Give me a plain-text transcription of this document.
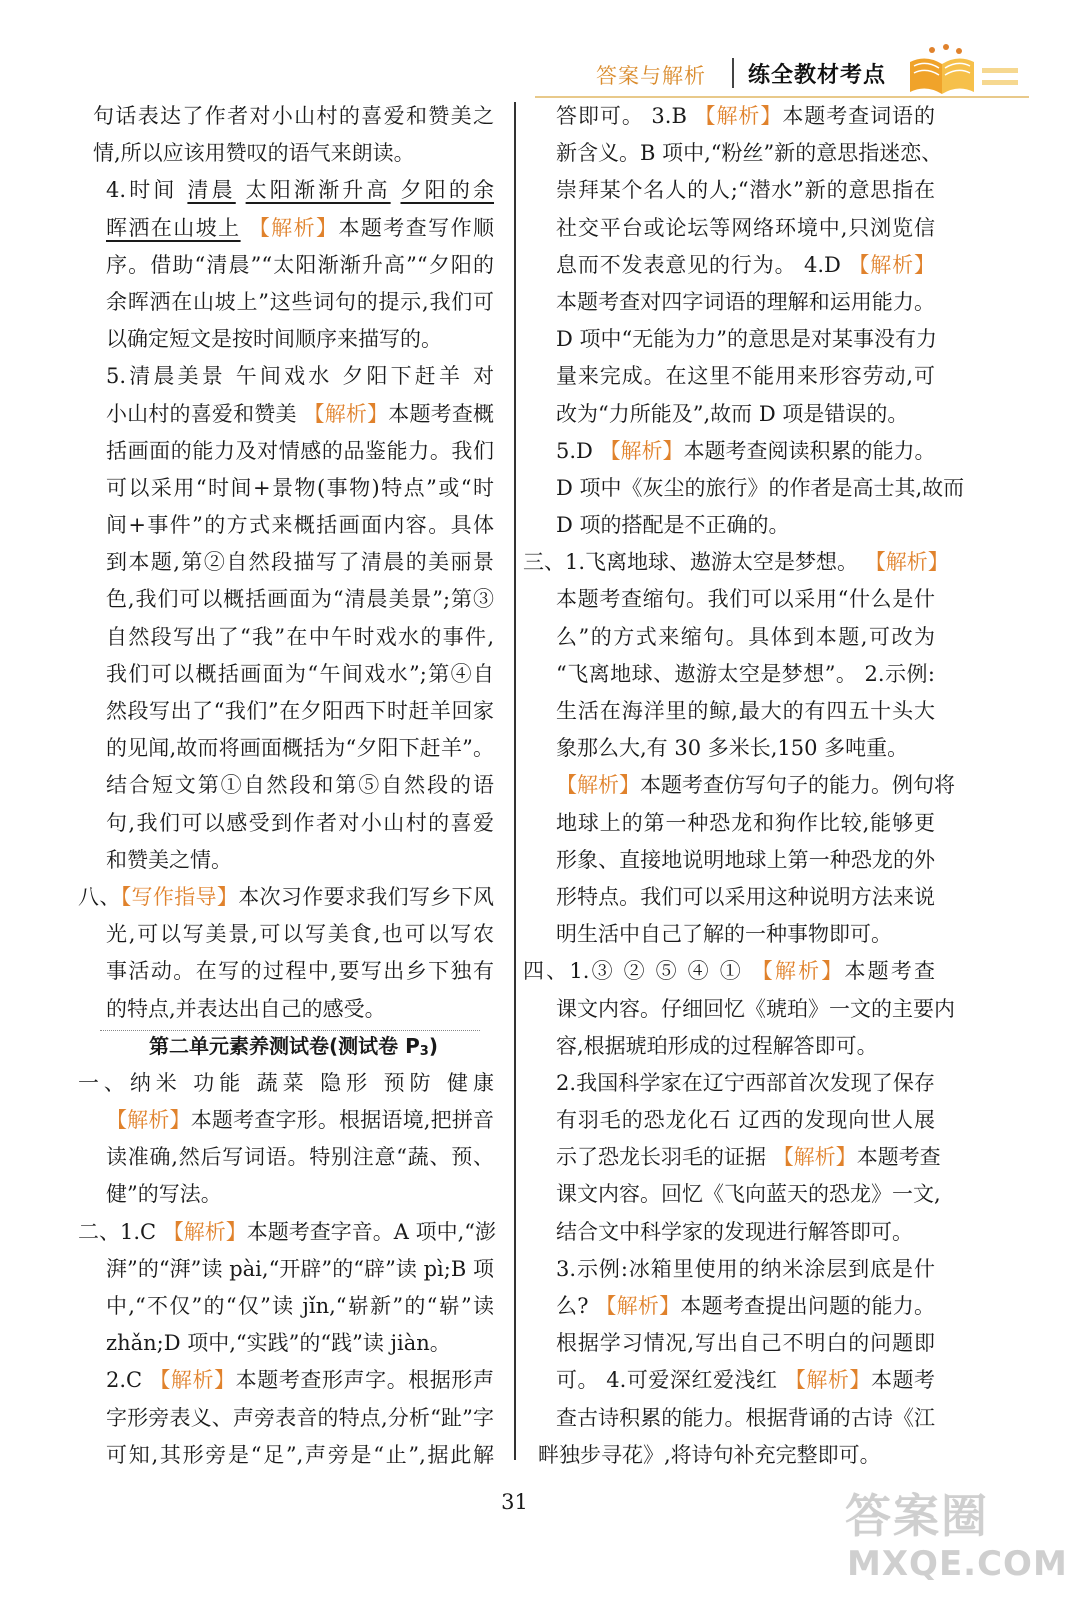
答案与解析 练全教材考点
句话表达了作者对小山村的喜爱和赞美之
情,所以应该用赞叹的语气来朗读。
4.时间 清晨 太阳渐渐升高 夕阳的余
晖洒在山坡上 【解析】本题考查写作顺
序。借助“清晨”“太阳渐渐升高”“夕阳的
余晖洒在山坡上”这些词句的提示,我们可
以确定短文是按时间顺序来描写的。
5.清晨美景 午间戏水 夕阳下赶羊 对
小山村的喜爱和赞美 【解析】本题考查概
括画面的能力及对情感的品鉴能力。我们
可以采用“时间+景物(事物)特点”或“时
间+事件”的方式来概括画面内容。具体
到本题,第②自然段描写了清晨的美丽景
色,我们可以概括画面为“清晨美景”;第③
自然段写出了“我”在中午时戏水的事件,
我们可以概括画面为“午间戏水”;第④自
然段写出了“我们”在夕阳西下时赶羊回家
的见闻,故而将画面概括为“夕阳下赶羊”。
结合短文第①自然段和第⑤自然段的语
句,我们可以感受到作者对小山村的喜爱
和赞美之情。
八、【写作指导】本次习作要求我们写乡下风
光,可以写美景,可以写美食,也可以写农
事活动。在写的过程中,要写出乡下独有
的特点,并表达出自己的感受。
第二单元素养测试卷(测试卷 P3)
一、纳米 功能 蔬菜 隐形 预防 健康
【解析】本题考查字形。根据语境,把拼音
读准确,然后写词语。特别注意“蔬、预、
健”的写法。
二、1.C 【解析】本题考查字音。A 项中,“澎
湃”的“湃”读 pài,“开辟”的“辟”读 pì;B 项
中,“不仅”的“仅”读 jǐn,“崭新”的“崭”读
zhǎn;D 项中,“实践”的“践”读 jiàn。
2.C 【解析】本题考查形声字。根据形声
字形旁表义、声旁表音的特点,分析“趾”字
可知,其形旁是“足”,声旁是“止”,据此解
答即可。 3.B 【解析】本题考查词语的
新含义。B 项中,“粉丝”新的意思指迷恋、
崇拜某个名人的人;“潜水”新的意思指在
社交平台或论坛等网络环境中,只浏览信
息而不发表意见的行为。 4.D 【解析】
本题考查对四字词语的理解和运用能力。
D 项中“无能为力”的意思是对某事没有力
量来完成。在这里不能用来形容劳动,可
改为“力所能及”,故而 D 项是错误的。
5.D 【解析】本题考查阅读积累的能力。
D 项中《灰尘的旅行》的作者是高士其,故而
D 项的搭配是不正确的。
三、1.飞离地球、遨游太空是梦想。 【解析】
本题考查缩句。我们可以采用“什么是什
么”的方式来缩句。具体到本题,可改为
“飞离地球、遨游太空是梦想”。 2.示例:
生活在海洋里的鲸,最大的有四五十头大
象那么大,有 30 多米长,150 多吨重。
【解析】本题考查仿写句子的能力。例句将
地球上的第一种恐龙和狗作比较,能够更
形象、直接地说明地球上第一种恐龙的外
形特点。我们可以采用这种说明方法来说
明生活中自己了解的一种事物即可。
四、1.③ ② ⑤ ④ ① 【解析】本题考查
课文内容。仔细回忆《琥珀》一文的主要内
容,根据琥珀形成的过程解答即可。
2.我国科学家在辽宁西部首次发现了保存
有羽毛的恐龙化石 辽西的发现向世人展
示了恐龙长羽毛的证据 【解析】本题考查
课文内容。回忆《飞向蓝天的恐龙》一文,
结合文中科学家的发现进行解答即可。
3.示例:冰箱里使用的纳米涂层到底是什
么? 【解析】本题考查提出问题的能力。
根据学习情况,写出自己不明白的问题即
可。 4.可爱深红爱浅红 【解析】本题考
查古诗积累的能力。根据背诵的古诗《江
畔独步寻花》,将诗句补充完整即可。
31	答案圈
MXQE.COM
